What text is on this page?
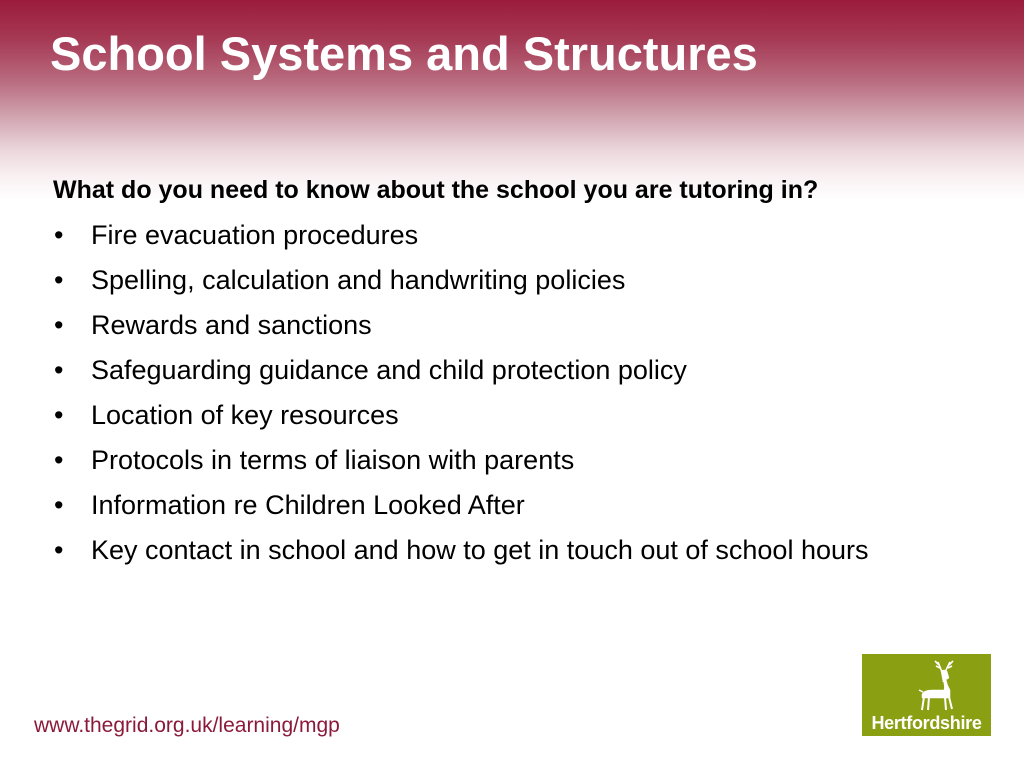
School Systems and Structures

What do you need to know about the school you are tutoring in?

• Fire evacuation procedures
• Spelling, calculation and handwriting policies
• Rewards and sanctions
• Safeguarding guidance and child protection policy
• Location of key resources
• Protocols in terms of liaison with parents
• Information re Children Looked After
• Key contact in school and how to get in touch out of school hours
www.thegrid.org.uk/learning/mgp	Hertfordshire
